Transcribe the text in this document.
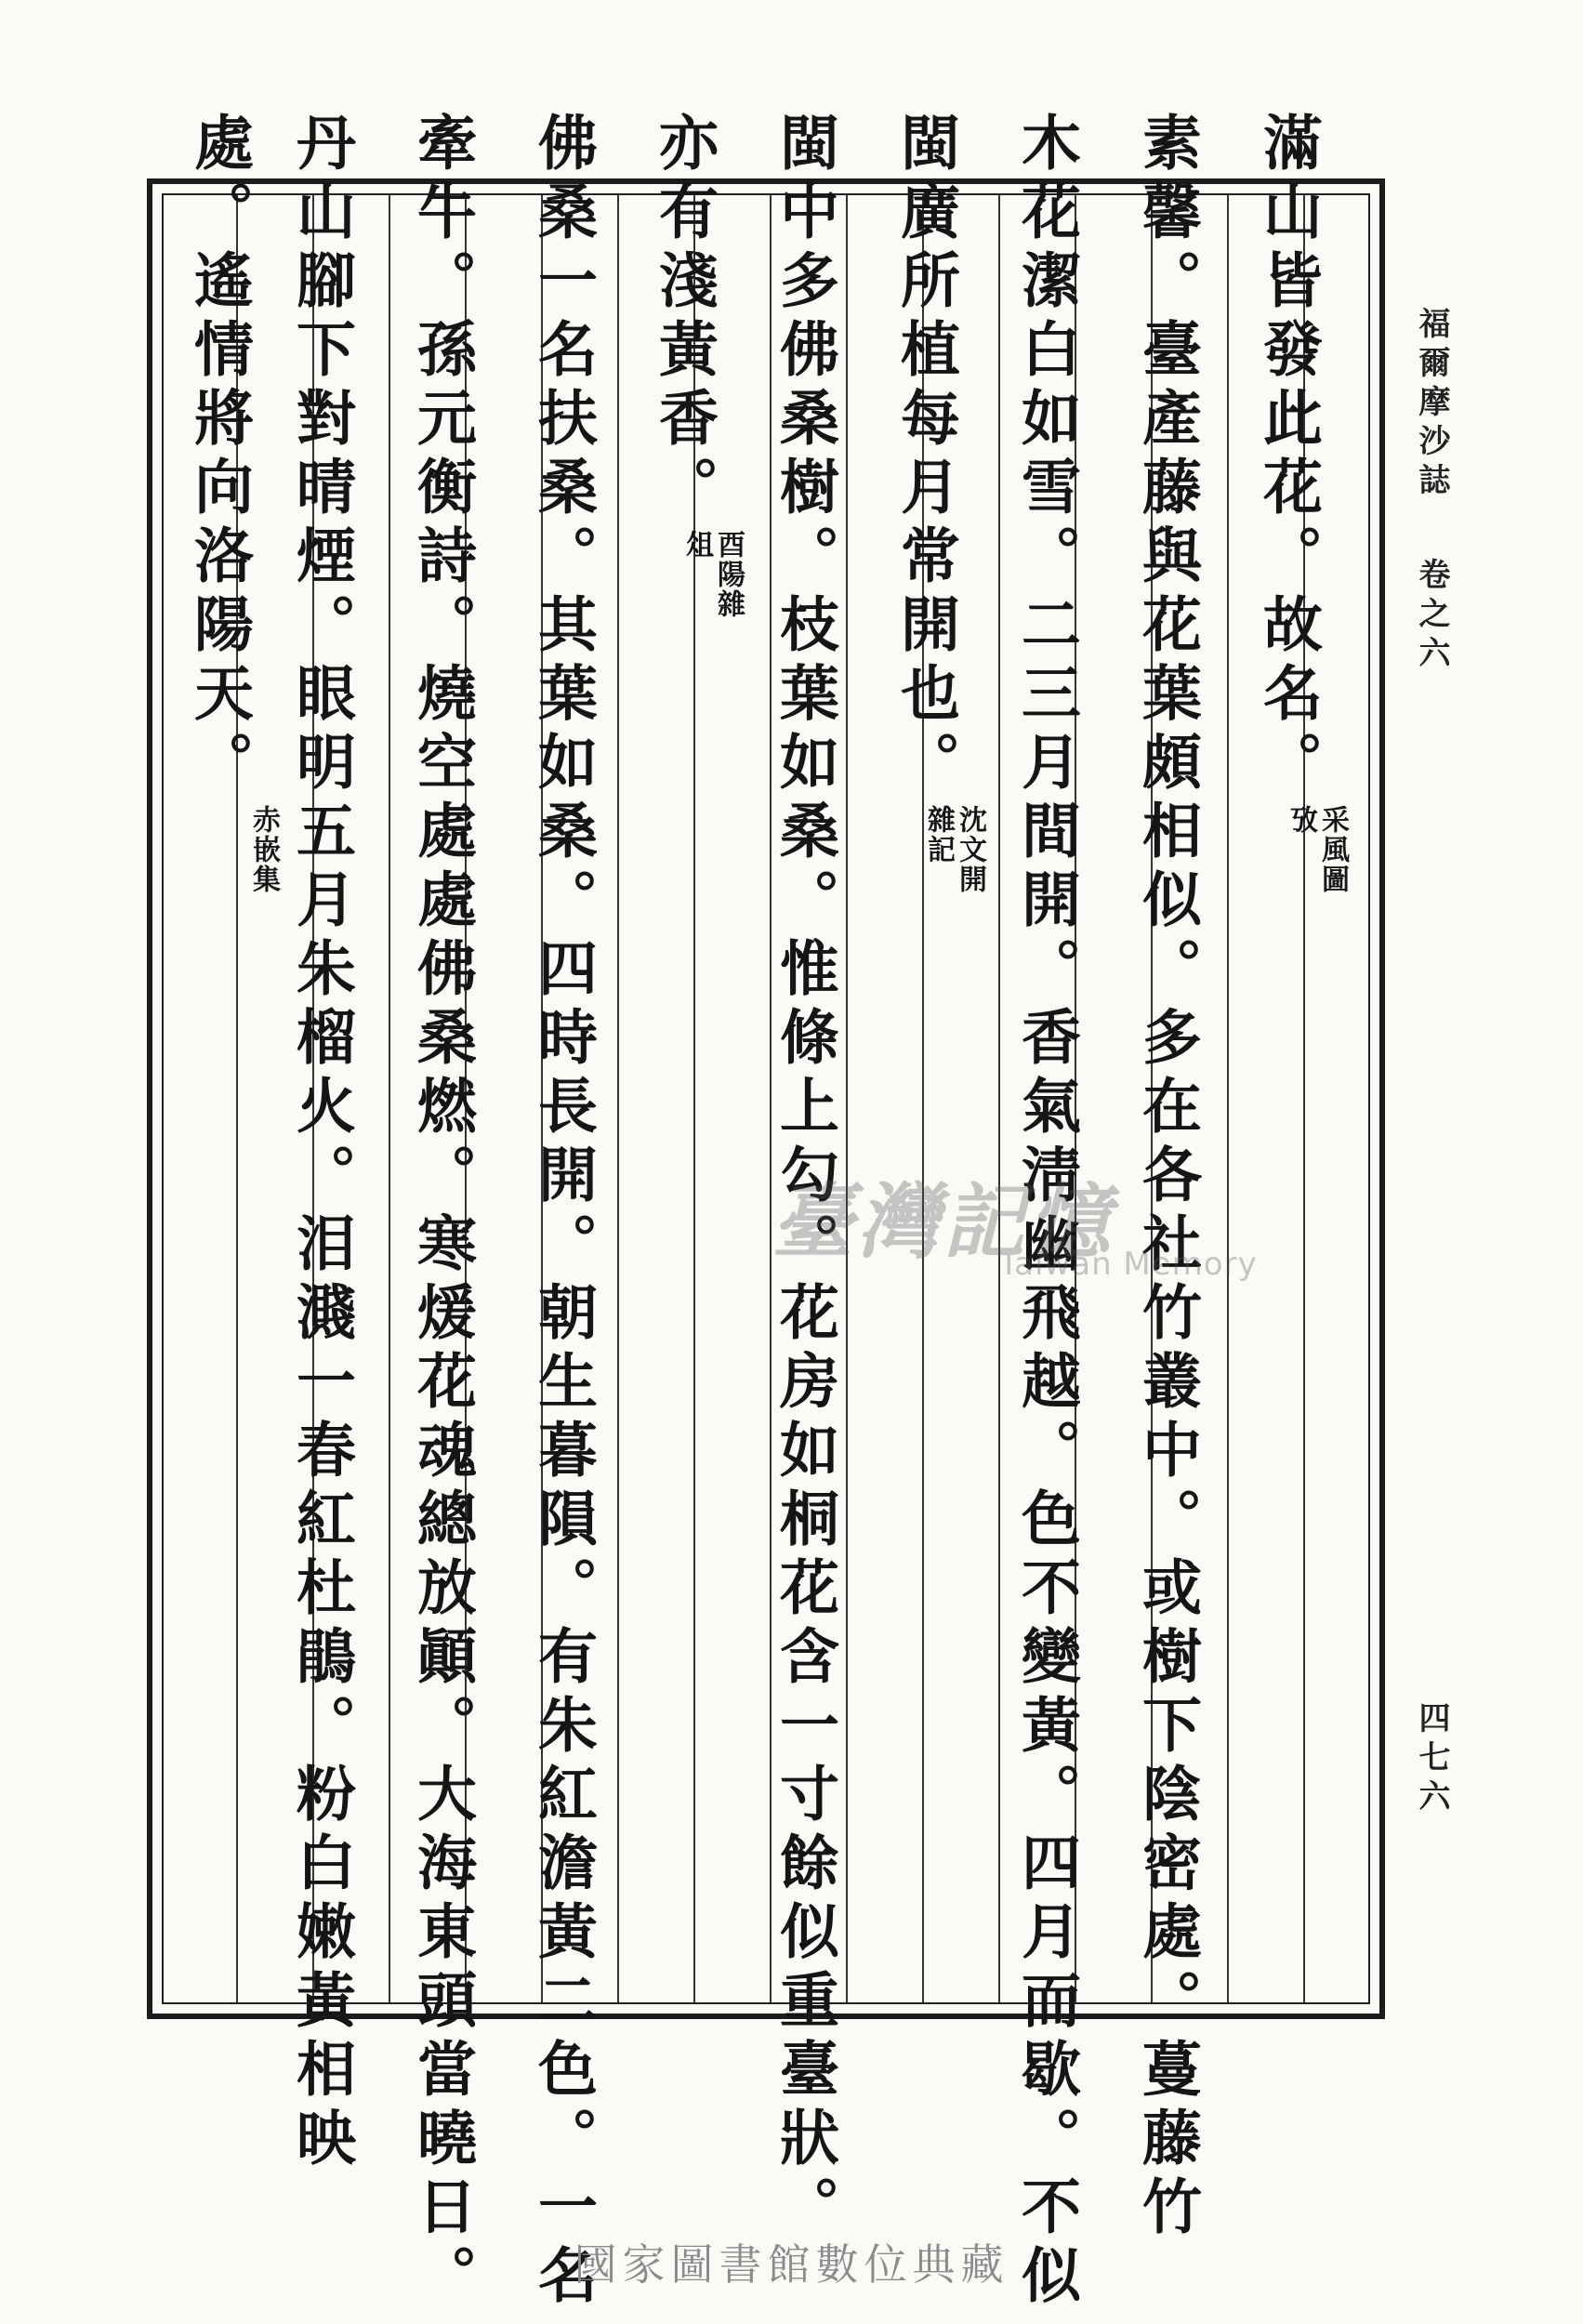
滿山皆發此花。故名。采風圖攷
素馨。臺產藤與花葉頗相似。多在各社竹叢中。或樹下陰密處。蔓藤竹
木花潔白如雪。二三月間開。香氣淸幽飛越。色不變黃。四月而歇。不似
閩廣所植每月常開也。沈文開雜記
閩中多佛桑樹。枝葉如桑。惟條上勾。花房如桐花含一寸餘似重臺狀。
亦有淺黃香。酉陽雜俎
佛桑一名扶桑。其葉如桑。四時長開。朝生暮隕。有朱紅澹黃二色。一名
牽牛。孫元衡詩。燒空處處佛桑燃。寒煖花魂總放顚。大海東頭當曉日。
丹山腳下對晴煙。眼明五月朱榴火。泪濺一春紅杜鵑。粉白嫩黃相映
處。遙情將向洛陽天。赤嵌集
福爾摩沙誌卷之六
四七六
臺灣記憶
Taiwan Memory
國家圖書館數位典藏
